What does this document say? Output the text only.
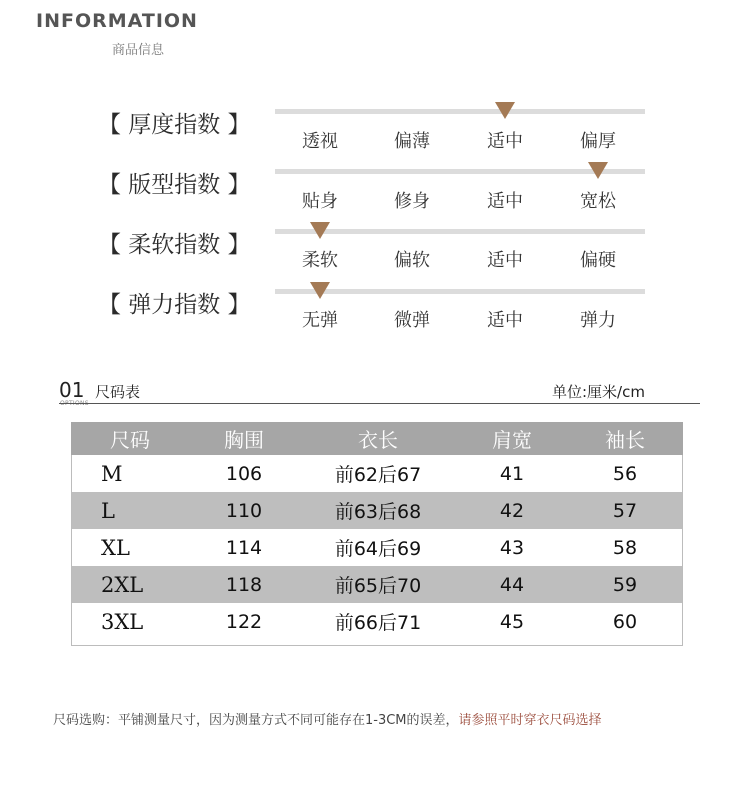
INFORMATION
商品信息
【 厚度指数 】
透视	偏薄	适中	偏厚
【 版型指数 】
贴身	修身	适中	宽松
【 柔软指数 】
柔软	偏软	适中	偏硬
【 弹力指数 】
无弹	微弹	适中	弹力
01 尺码表	单位:厘米/cm
尺码	胸围	衣长	肩宽	袖长
M	106	前62后67	41	56
L	110	前63后68	42	57
XL	114	前64后69	43	58
2XL	118	前65后70	44	59
3XL	122	前66后71	45	60
尺码选购：平铺测量尺寸，因为测量方式不同可能存在1-3CM的误差，请参照平时穿衣尺码选择
